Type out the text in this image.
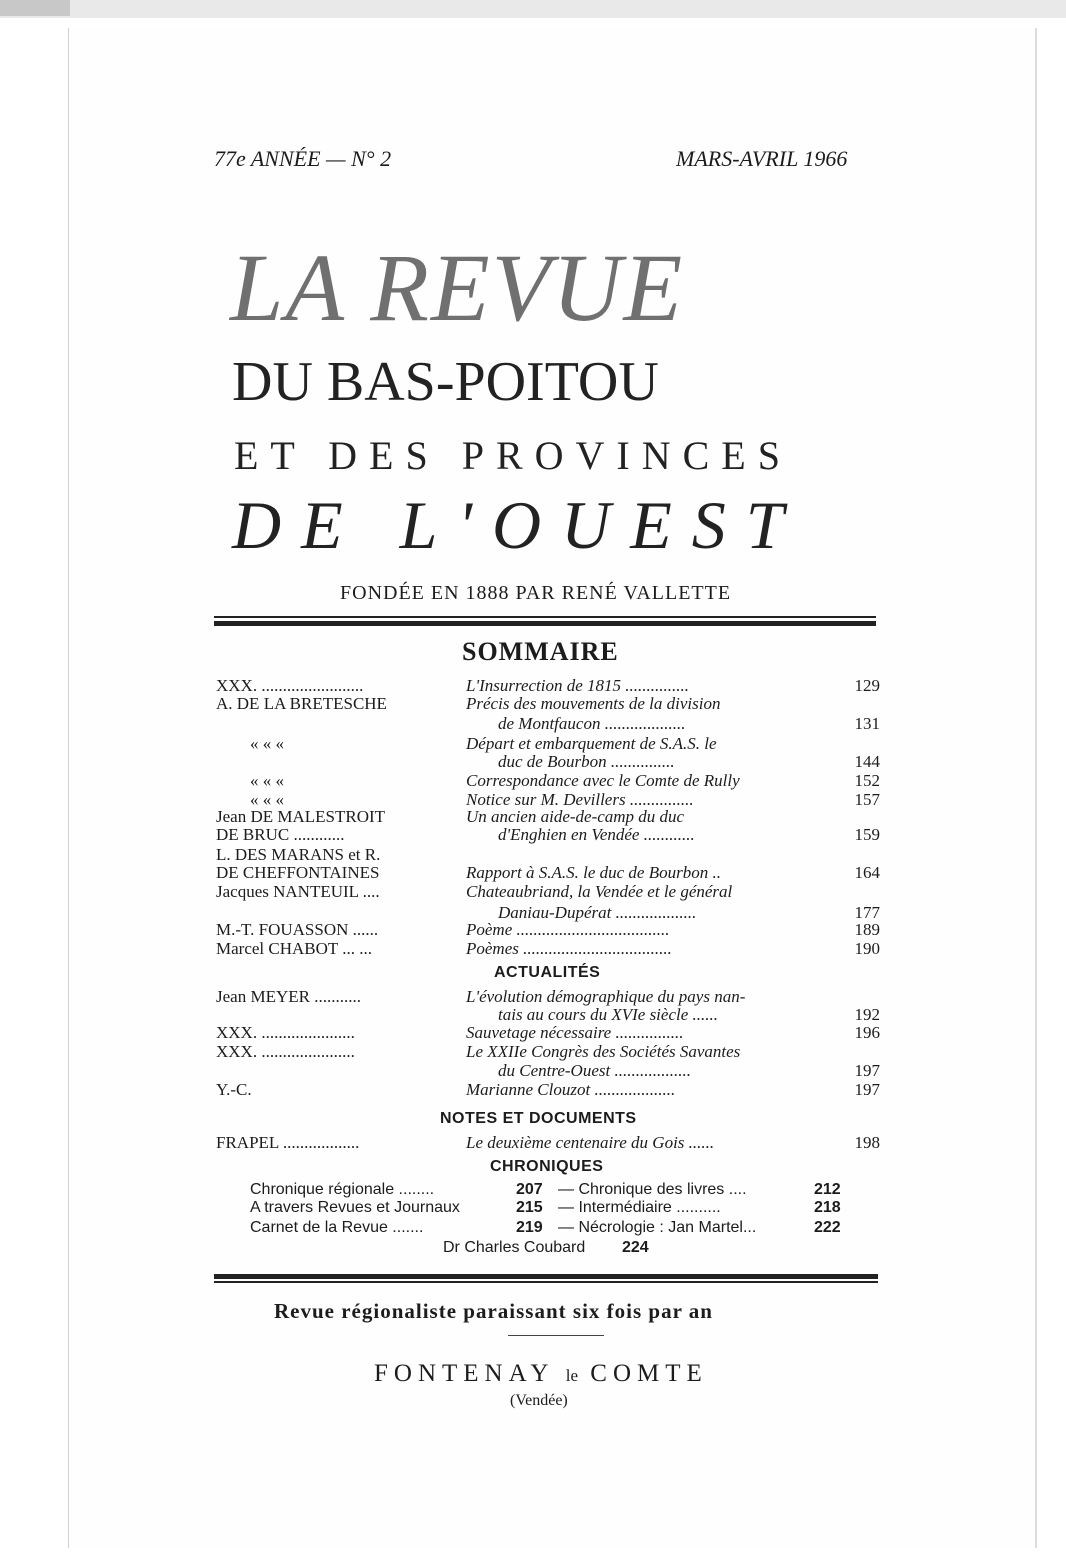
77e ANNÉE — N° 2	MARS-AVRIL 1966
LA REVUE
DU BAS-POITOU
ET DES PROVINCES
DE L'OUEST
FONDÉE EN 1888 PAR RENÉ VALLETTE
SOMMAIRE
XXX. ........................	L'Insurrection de 1815 ...............	129
A. DE LA BRETESCHE	Précis des mouvements de la division
de Montfaucon ...................	131
« « «	Départ et embarquement de S.A.S. le
duc de Bourbon ...............	144
« « «	Correspondance avec le Comte de Rully	152
« « «	Notice sur M. Devillers ...............	157
Jean DE MALESTROIT	Un ancien aide-de-camp du duc
DE BRUC ............	d'Enghien en Vendée ............	159
L. DES MARANS et R.
DE CHEFFONTAINES	Rapport à S.A.S. le duc de Bourbon ..	164
Jacques NANTEUIL ....	Chateaubriand, la Vendée et le général
Daniau-Dupérat ...................	177
M.-T. FOUASSON ......	Poème ....................................	189
Marcel CHABOT ... ...	Poèmes ...................................	190
ACTUALITÉS
Jean MEYER ...........	L'évolution démographique du pays nan-
tais au cours du XVIe siècle ......	192
XXX. ......................	Sauvetage nécessaire ................	196
XXX. ......................	Le XXIIe Congrès des Sociétés Savantes
du Centre-Ouest ..................	197
Y.-C.	Marianne Clouzot ...................	197
NOTES ET DOCUMENTS
FRAPEL ..................	Le deuxième centenaire du Gois ......	198
CHRONIQUES
Chronique régionale ........	207 — Chronique des livres ....	212
A travers Revues et Journaux	215 — Intermédiaire ..........	218
Carnet de la Revue .......	219 — Nécrologie : Jan Martel...	222
Dr Charles Coubard 224
Revue régionaliste paraissant six fois par an
FONTENAY le COMTE
(Vendée)
